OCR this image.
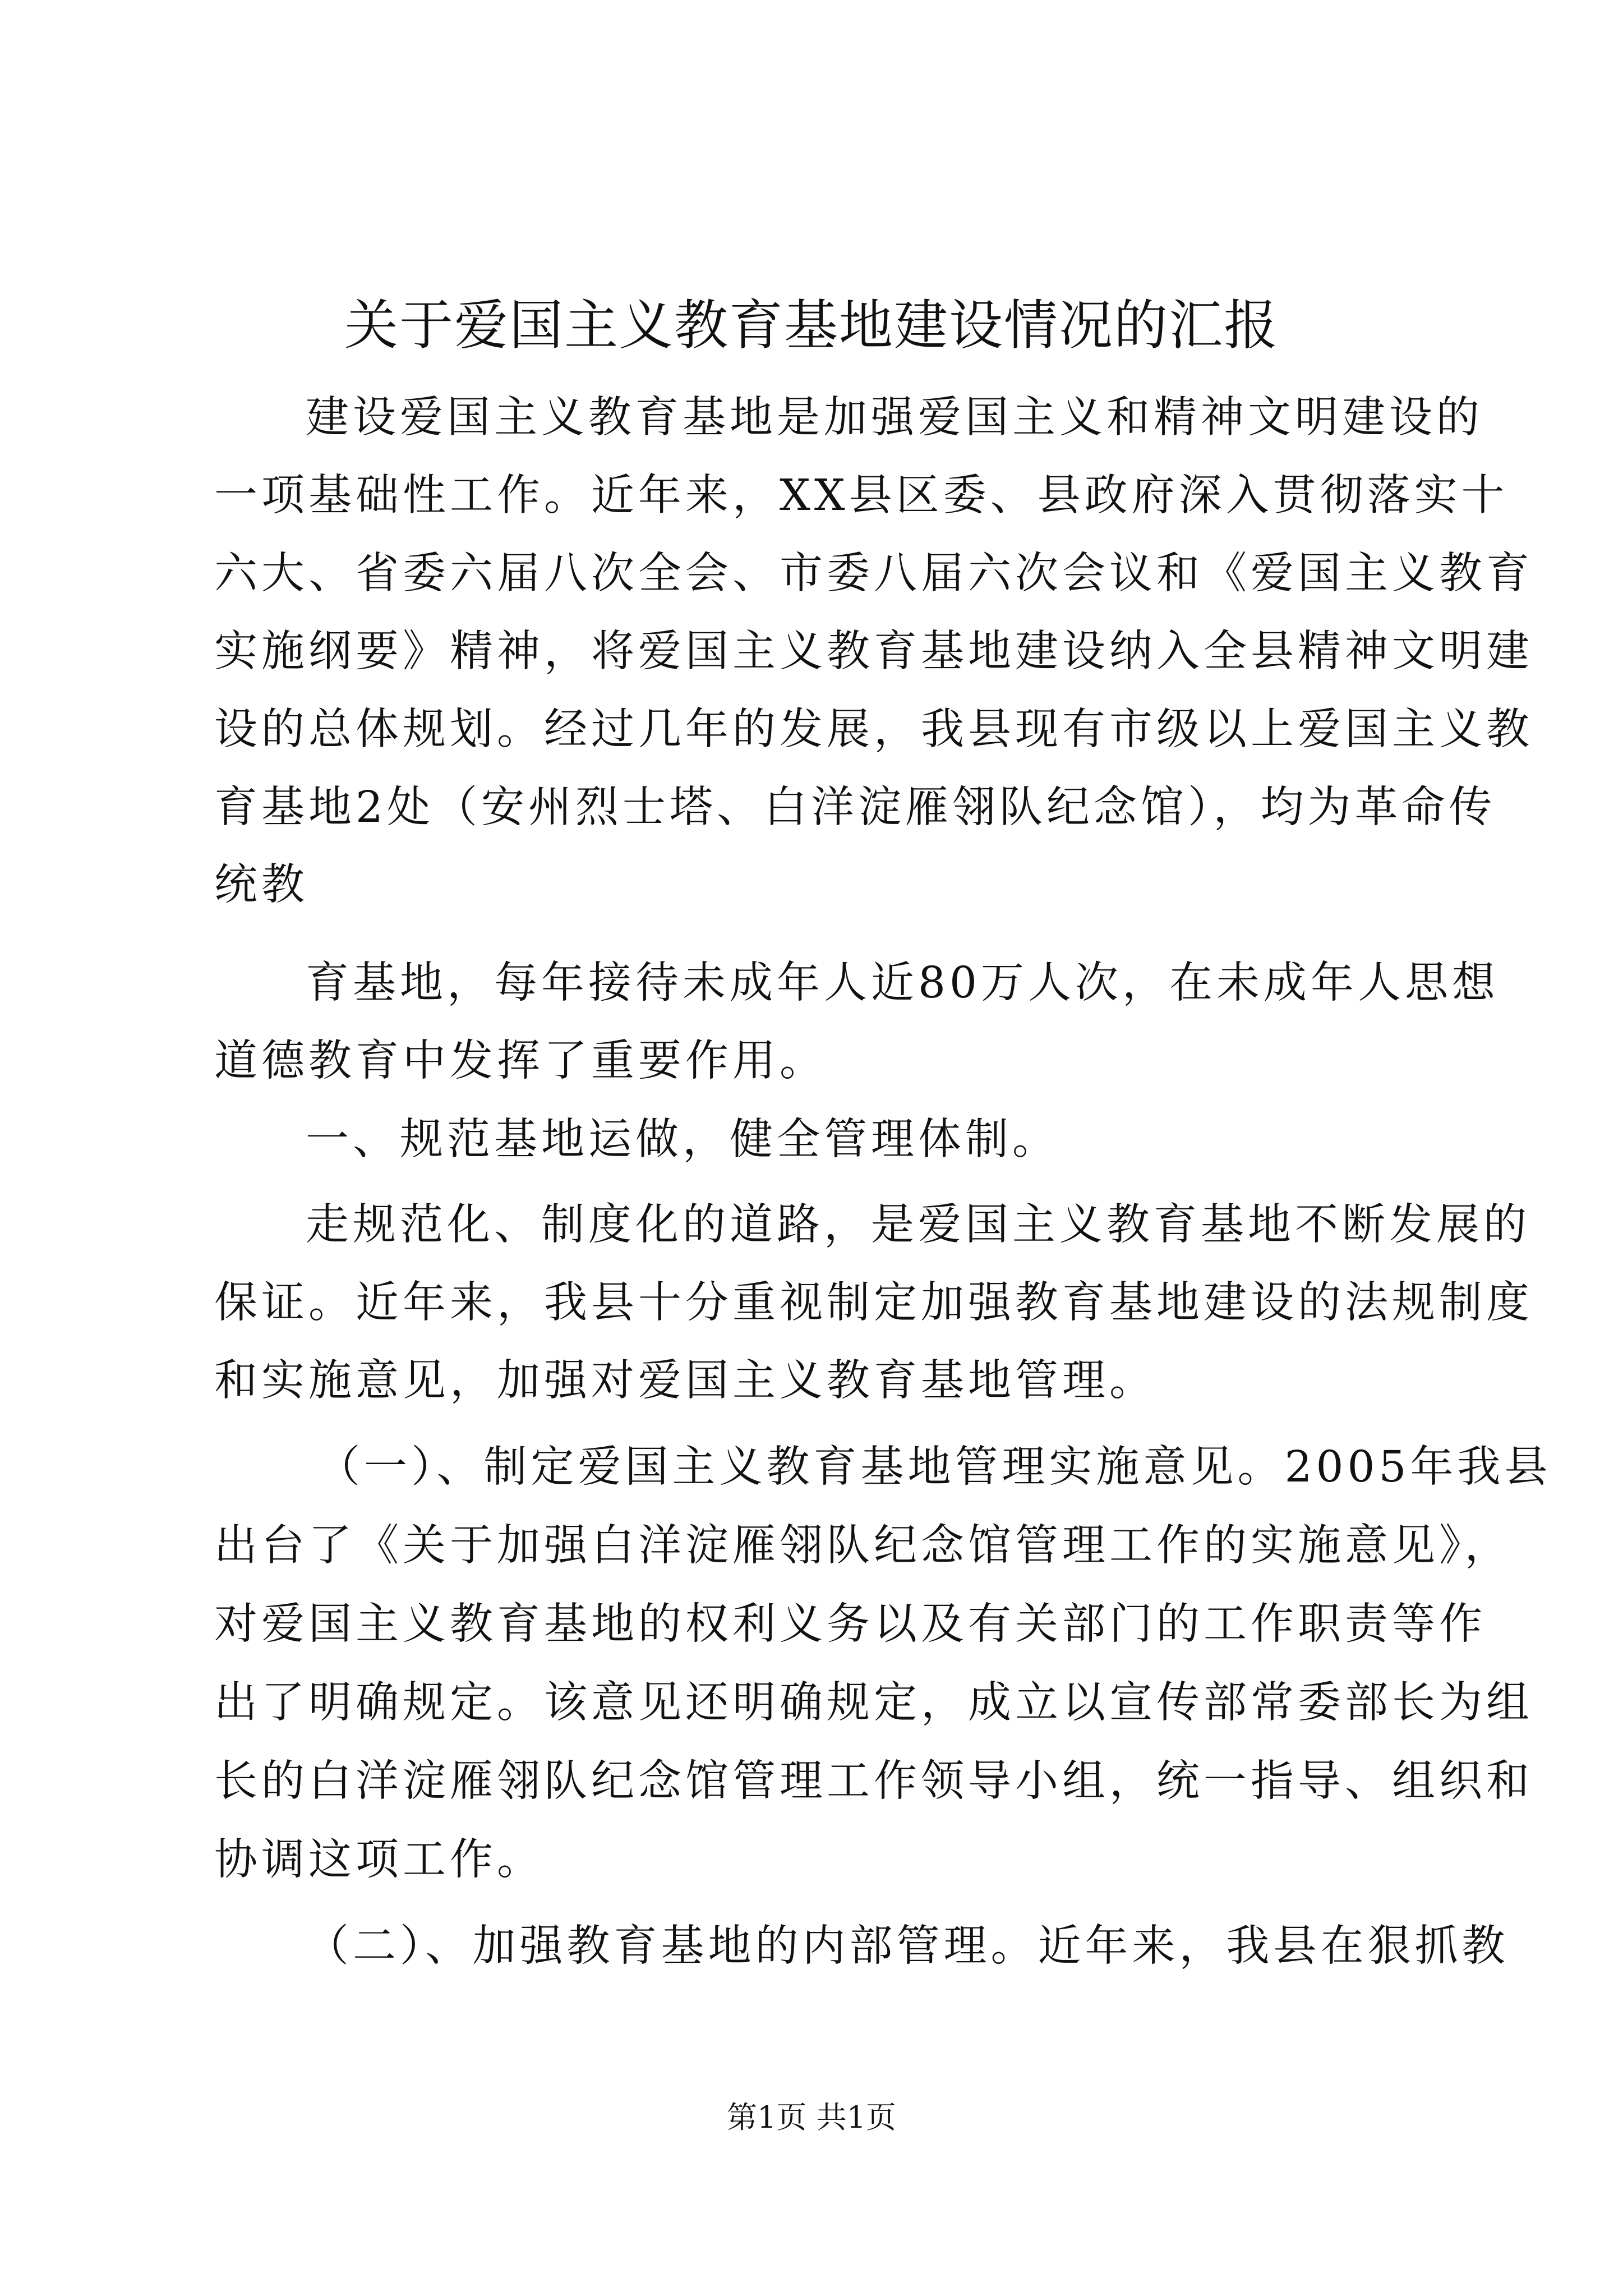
关于爱国主义教育基地建设情况的汇报
建设爱国主义教育基地是加强爱国主义和精神文明建设的
一项基础性工作。近年来，XX县区委、县政府深入贯彻落实十
六大、省委六届八次全会、市委八届六次会议和《爱国主义教育
实施纲要》精神，将爱国主义教育基地建设纳入全县精神文明建
设的总体规划。经过几年的发展，我县现有市级以上爱国主义教
育基地2处（安州烈士塔、白洋淀雁翎队纪念馆），均为革命传
统教
育基地，每年接待未成年人近80万人次，在未成年人思想
道德教育中发挥了重要作用。
一、规范基地运做，健全管理体制。
走规范化、制度化的道路，是爱国主义教育基地不断发展的
保证。近年来，我县十分重视制定加强教育基地建设的法规制度
和实施意见，加强对爱国主义教育基地管理。
（一）、制定爱国主义教育基地管理实施意见。2005年我县
出台了《关于加强白洋淀雁翎队纪念馆管理工作的实施意见》，
对爱国主义教育基地的权利义务以及有关部门的工作职责等作
出了明确规定。该意见还明确规定，成立以宣传部常委部长为组
长的白洋淀雁翎队纪念馆管理工作领导小组，统一指导、组织和
协调这项工作。
（二）、加强教育基地的内部管理。近年来，我县在狠抓教
第1页 共1页
